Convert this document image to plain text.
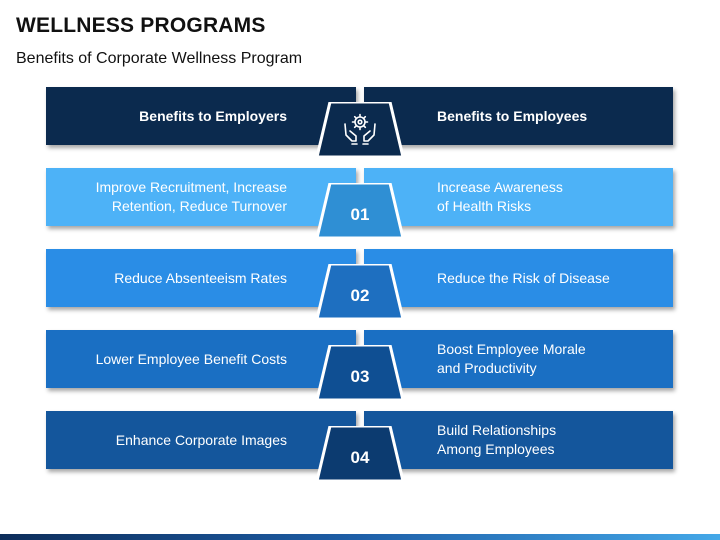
WELLNESS PROGRAMS
Benefits of Corporate Wellness Program
Benefits to Employers	Benefits to Employees
Improve Recruitment, Increase
Retention, Reduce Turnover
Increase Awareness
of Health Risks
01
Reduce Absenteeism Rates	Reduce the Risk of Disease
02
Lower Employee Benefit Costs
Boost Employee Morale
and Productivity
03
Enhance Corporate Images
Build Relationships
Among Employees
04
